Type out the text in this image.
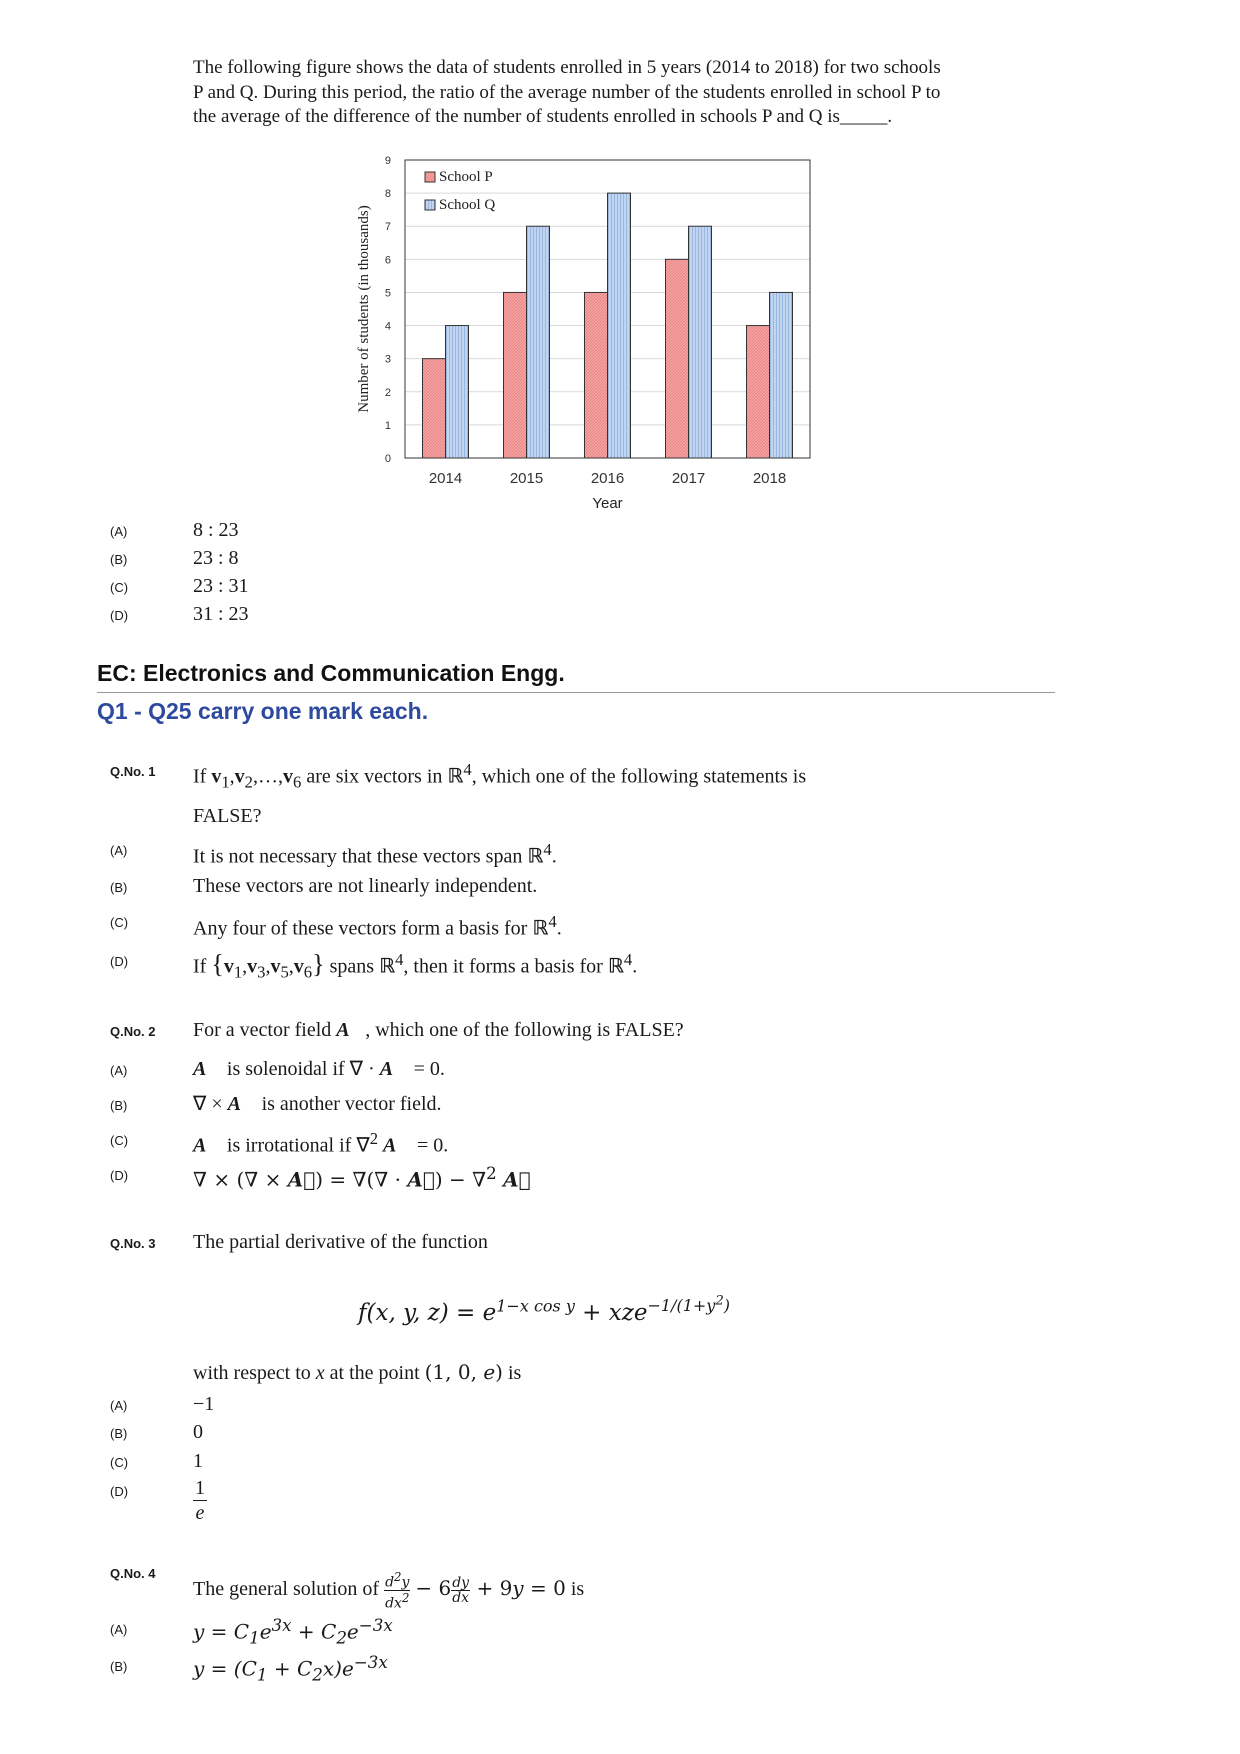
The following figure shows the data of students enrolled in 5 years (2014 to 2018) for two schools
P and Q. During this period, the ratio of the average number of the students enrolled in school P to
the average of the difference of the number of students enrolled in schools P and Q is_____.
0
1
2
3
4
5
6
7
8
9
2014	2015	2016	2017	2018
Number of students (in thousands)
Year
School P
School Q
(A)	8 : 23
(B)	23 : 8
(C)	23 : 31
(D)	31 : 23
EC: Electronics and Communication Engg.
Q1 - Q25 carry one mark each.
Q.No. 1 If $v_1,v_2,\dots,v_6$ are six vectors in ℝ$^4$, which one of the following statements is
FALSE?
(A)	It is not necessary that these vectors span ℝ$^4$.
(B)	These vectors are not linearly independent.
(C)	Any four of these vectors form a basis for ℝ$^4$.
(D)	If $\{v_1,v_3,v_5,v_6\}$ spans ℝ$^4$, then it forms a basis for ℝ$^4$.
Q.No. 2 For a vector field A⃗, which one of the following is FALSE?
(A)	A⃗ is solenoidal if ∇ · A⃗ = 0.
(B)	∇ × A⃗ is another vector field.
(C)	A⃗ is irrotational if ∇$^2$ A⃗ = 0.
(D)	∇ × (∇ × A⃗) = ∇(∇ · A⃗) − ∇$^2$ A⃗
Q.No. 3 The partial derivative of the function
f(x, y, $z) = e^{1-x cos y} + xze^{-1/(1+y^2)}$
with respect to x at the point (1, 0, e) is
(A)	−1
(B)	0
(C)	1
(D)	$\frac{1}{e}$
Q.No. 4
The general solution of $\frac{d^2y}{dx^2} - 6 \frac{dy}{dx} + 9y = 0$ is
(A)	$y = C_1e^{3x} + C_2e^{-3x}$
(B)	$y = (C_1 + C_2x)e^{-3x}$
